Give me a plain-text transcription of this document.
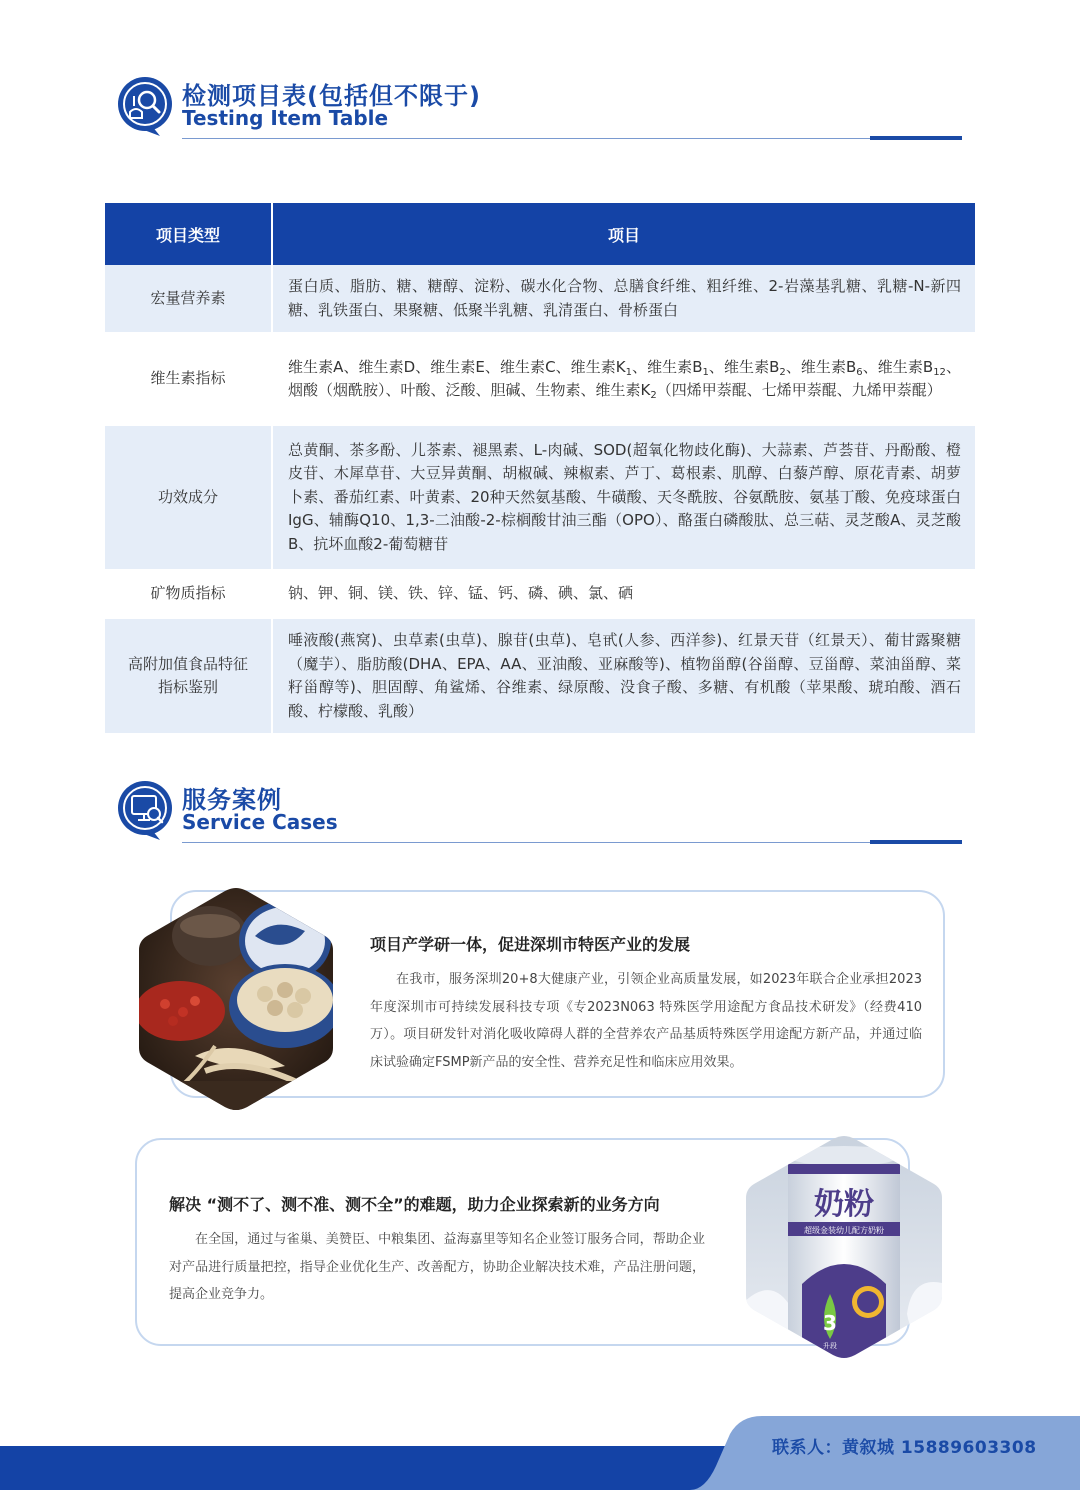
检测项目表(包括但不限于)
Testing Item Table
项目类型	项目
宏量营养素	蛋白质、脂肪、糖、糖醇、淀粉、碳水化合物、总膳食纤维、粗纤维、2-岩藻基乳糖、乳糖-N-新四糖、乳铁蛋白、果聚糖、低聚半乳糖、乳清蛋白、骨桥蛋白
维生素指标	维生素A、维生素D、维生素E、维生素C、维生素$K_1$、维生素$B_1$、维生素$B_2$、维生素$B_6$、维生素$B_{12}$、烟酸（烟酰胺）、叶酸、泛酸、胆碱、生物素、维生素$K_2$（四烯甲萘醌、七烯甲萘醌、九烯甲萘醌）
功效成分	总黄酮、茶多酚、儿茶素、褪黑素、L-肉碱、SOD(超氧化物歧化酶)、大蒜素、芦荟苷、丹酚酸、橙皮苷、木犀草苷、大豆异黄酮、胡椒碱、辣椒素、芦丁、葛根素、肌醇、白藜芦醇、原花青素、胡萝卜素、番茄红素、叶黄素、20种天然氨基酸、牛磺酸、天冬酰胺、谷氨酰胺、氨基丁酸、免疫球蛋白IgG、辅酶Q10、1,3-二油酸-2-棕榈酸甘油三酯（OPO）、酪蛋白磷酸肽、总三萜、灵芝酸A、灵芝酸B、抗坏血酸2-葡萄糖苷
矿物质指标	钠、钾、铜、镁、铁、锌、锰、钙、磷、碘、氯、硒

高附加值食品特征
指标鉴别	唾液酸(燕窝)、虫草素(虫草)、腺苷(虫草)、皂甙(人参、西洋参)、红景天苷（红景天）、葡甘露聚糖（魔芋）、脂肪酸(DHA、EPA、AA、亚油酸、亚麻酸等)、植物甾醇(谷甾醇、豆甾醇、菜油甾醇、菜籽甾醇等)、胆固醇、角鲨烯、谷维素、绿原酸、没食子酸、多糖、有机酸（苹果酸、琥珀酸、酒石酸、柠檬酸、乳酸）
服务案例
Service Cases
项目产学研一体，促进深圳市特医产业的发展
在我市，服务深圳20+8大健康产业，引领企业高质量发展，如2023年联合企业承担2023年度深圳市可持续发展科技专项《专2023N063 特殊医学用途配方食品技术研发》（经费410万）。项目研发针对消化吸收障碍人群的全营养农产品基质特殊医学用途配方新产品，并通过临床试验确定FSMP新产品的安全性、营养充足性和临床应用效果。
解决 “测不了、测不准、测不全”的难题，助力企业探索新的业务方向
在全国，通过与雀巢、美赞臣、中粮集团、益海嘉里等知名企业签订服务合同，帮助企业对产品进行质量把控，指导企业优化生产、改善配方，协助企业解决技术难，产品注册问题，提高企业竞争力。
奶粉
超级金装幼儿配方奶粉
3
升段
联系人：黄叙城 15889603308
